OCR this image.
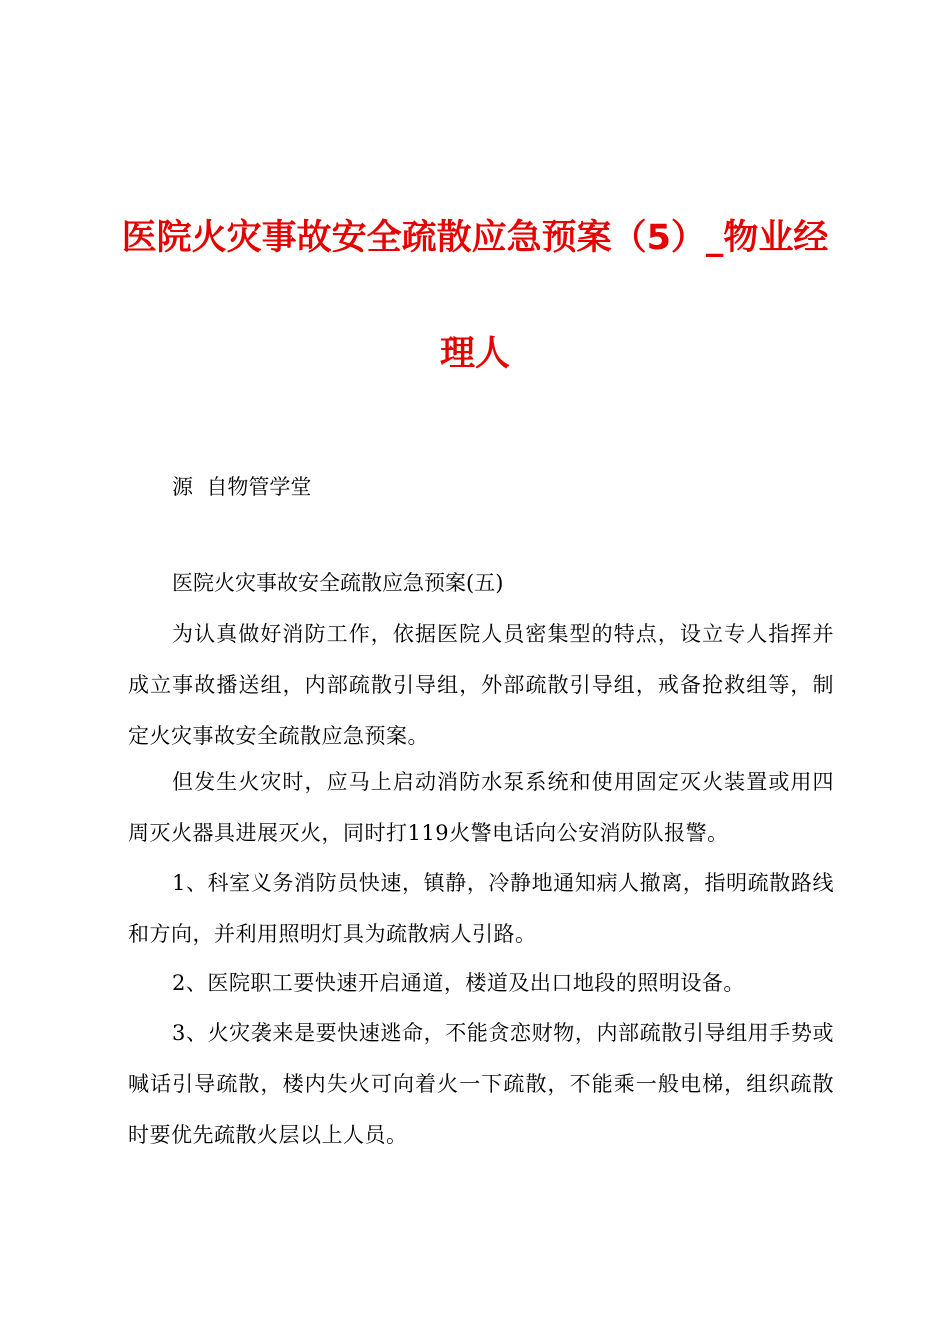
医院火灾事故安全疏散应急预案（5）_物业经
理人
源  自物管学堂
医院火灾事故安全疏散应急预案(五)
为认真做好消防工作，依据医院人员密集型的特点，设立专人指挥并成立事故播送组，内部疏散引导组，外部疏散引导组，戒备抢救组等，制定火灾事故安全疏散应急预案。
但发生火灾时，应马上启动消防水泵系统和使用固定灭火装置或用四周灭火器具进展灭火，同时打119火警电话向公安消防队报警。
1、科室义务消防员快速，镇静，冷静地通知病人撤离，指明疏散路线和方向，并利用照明灯具为疏散病人引路。
2、医院职工要快速开启通道，楼道及出口地段的照明设备。
3、火灾袭来是要快速逃命，不能贪恋财物，内部疏散引导组用手势或喊话引导疏散，楼内失火可向着火一下疏散，不能乘一般电梯，组织疏散时要优先疏散火层以上人员。
